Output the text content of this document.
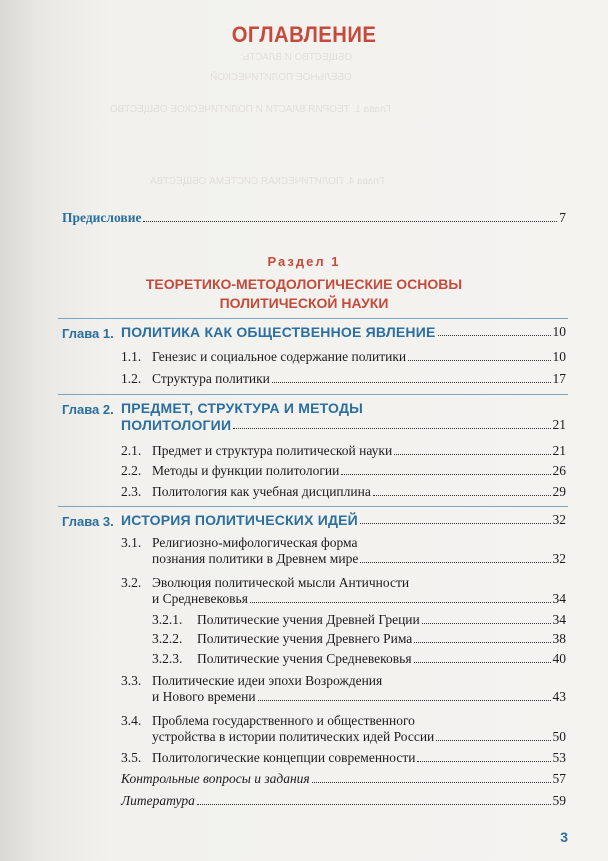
ОБЩЕСТВО И ВЛАСТЬ:
ОБЕЛЬНОЕ ПОЛИТИЧЕСКОЙ
Глава 1. ТЕОРИЯ ВЛАСТИ И ПОЛИТИЧЕСКОЕ ОБЩЕСТВО
Глава 4. ПОЛИТИЧЕСКАЯ СИСТЕМА ОБЩЕСТВА
ОГЛАВЛЕНИЕ
Предисловие	7
Раздел 1
ТЕОРЕТИКО-МЕТОДОЛОГИЧЕСКИЕ ОСНОВЫ
ПОЛИТИЧЕСКОЙ НАУКИ
Глава 1. ПОЛИТИКА КАК ОБЩЕСТВЕННОЕ ЯВЛЕНИЕ	10
1.1. Генезис и социальное содержание политики	10
1.2. Структура политики	17
Глава 2. ПРЕДМЕТ, СТРУКТУРА И МЕТОДЫ
ПОЛИТОЛОГИИ	21
2.1. Предмет и структура политической науки	21
2.2. Методы и функции политологии	26
2.3. Политология как учебная дисциплина	29
Глава 3. ИСТОРИЯ ПОЛИТИЧЕСКИХ ИДЕЙ	32
3.1. Религиозно-мифологическая форма
познания политики в Древнем мире	32
3.2. Эволюция политической мысли Античности
и Средневековья	34
3.2.1. Политические учения Древней Греции	34
3.2.2. Политические учения Древнего Рима	38
3.2.3. Политические учения Средневековья	40
3.3. Политические идеи эпохи Возрождения
и Нового времени	43
3.4. Проблема государственного и общественного
устройства в истории политических идей России	50
3.5. Политологические концепции современности	53
Контрольные вопросы и задания	57
Литература	59
3
